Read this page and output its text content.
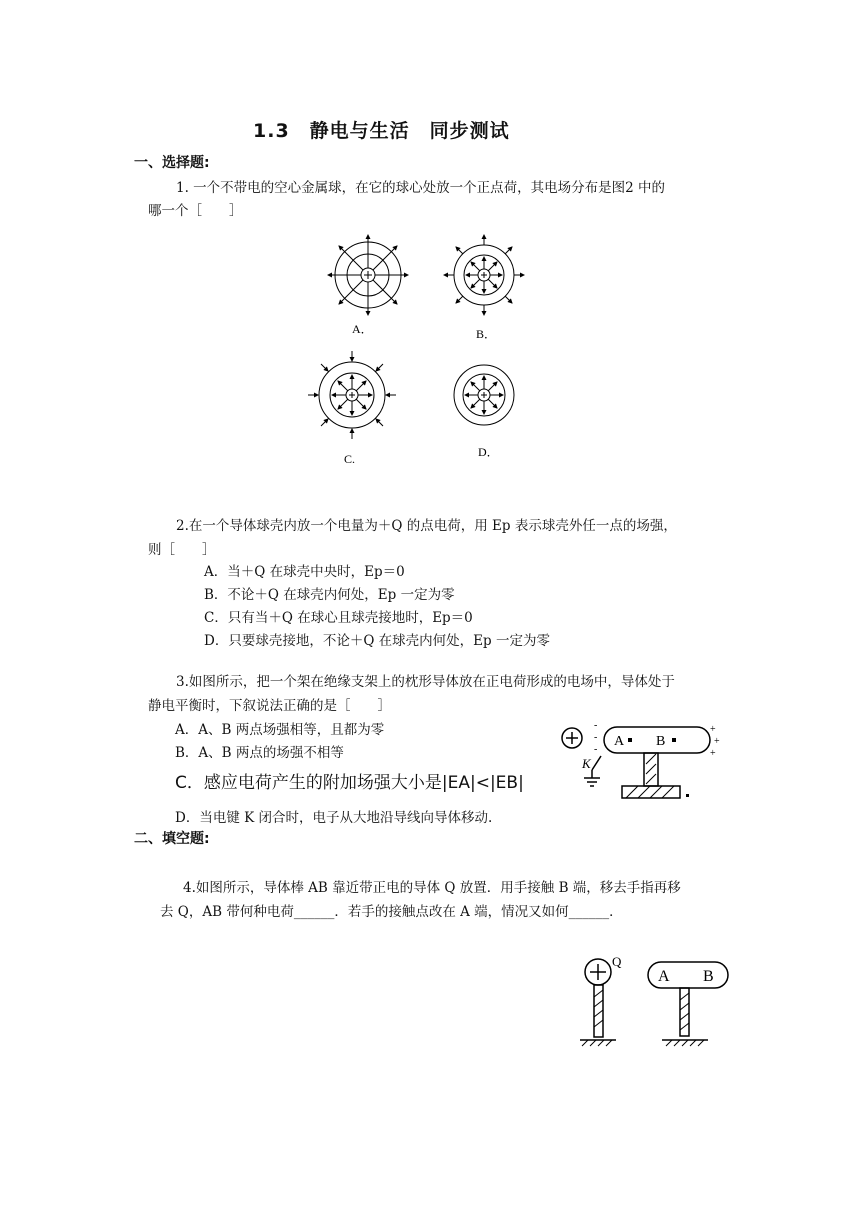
1.3　静电与生活　同步测试
一、选择题:
1. 一个不带电的空心金属球，在它的球心处放一个正点荷，其电场分布是图2 中的
哪一个［　　］
A．	B．
C.	D．
2.在一个导体球壳内放一个电量为＋Q 的点电荷，用 Ep 表示球壳外任一点的场强，
则［　　］
A．当＋Q 在球壳中央时，Ep＝0
B．不论＋Q 在球壳内何处，Ep 一定为零
C．只有当＋Q 在球心且球壳接地时，Ep＝0
D．只要球壳接地，不论＋Q 在球壳内何处，Ep 一定为零
3.如图所示，把一个架在绝缘支架上的枕形导体放在正电荷形成的电场中，导体处于
静电平衡时，下叙说法正确的是［　　］
A．A、B 两点场强相等，且都为零
B．A、B 两点的场强不相等
C．感应电荷产生的附加场强大小是|EA|<|EB|
D．当电键 K 闭合时，电子从大地沿导线向导体移动.
-
-
-
+
+
+
A B
K
二、填空题:
4.如图所示，导体棒 AB 靠近带正电的导体 Q 放置．用手接触 B 端，移去手指再移
去 Q，AB 带何种电荷______．若手的接触点改在 A 端，情况又如何______．
Q
A B
